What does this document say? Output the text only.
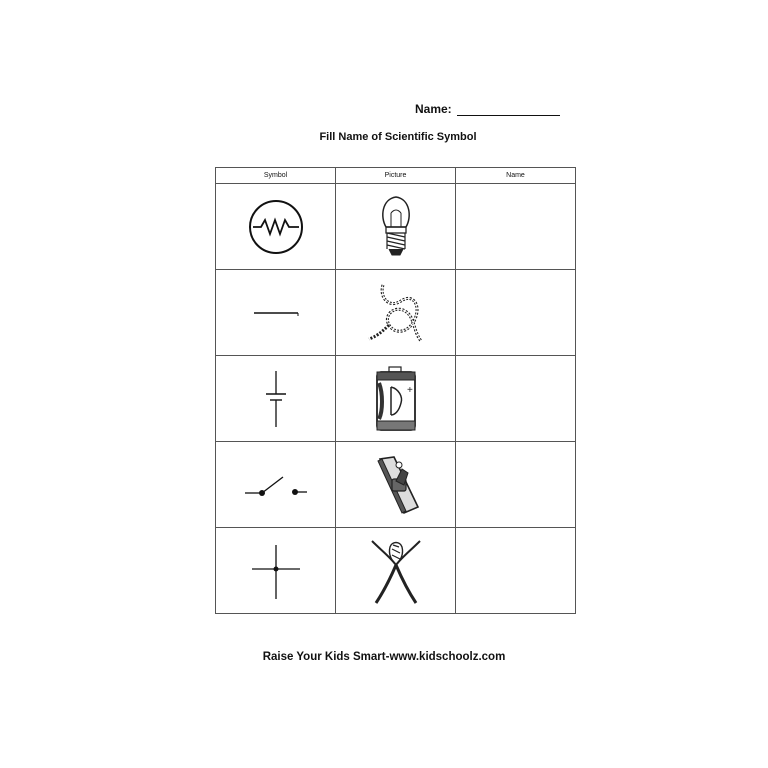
Name:
Fill Name of Scientific Symbol
Symbol	Picture	Name

+	

Raise Your Kids Smart-www.kidschoolz.com
